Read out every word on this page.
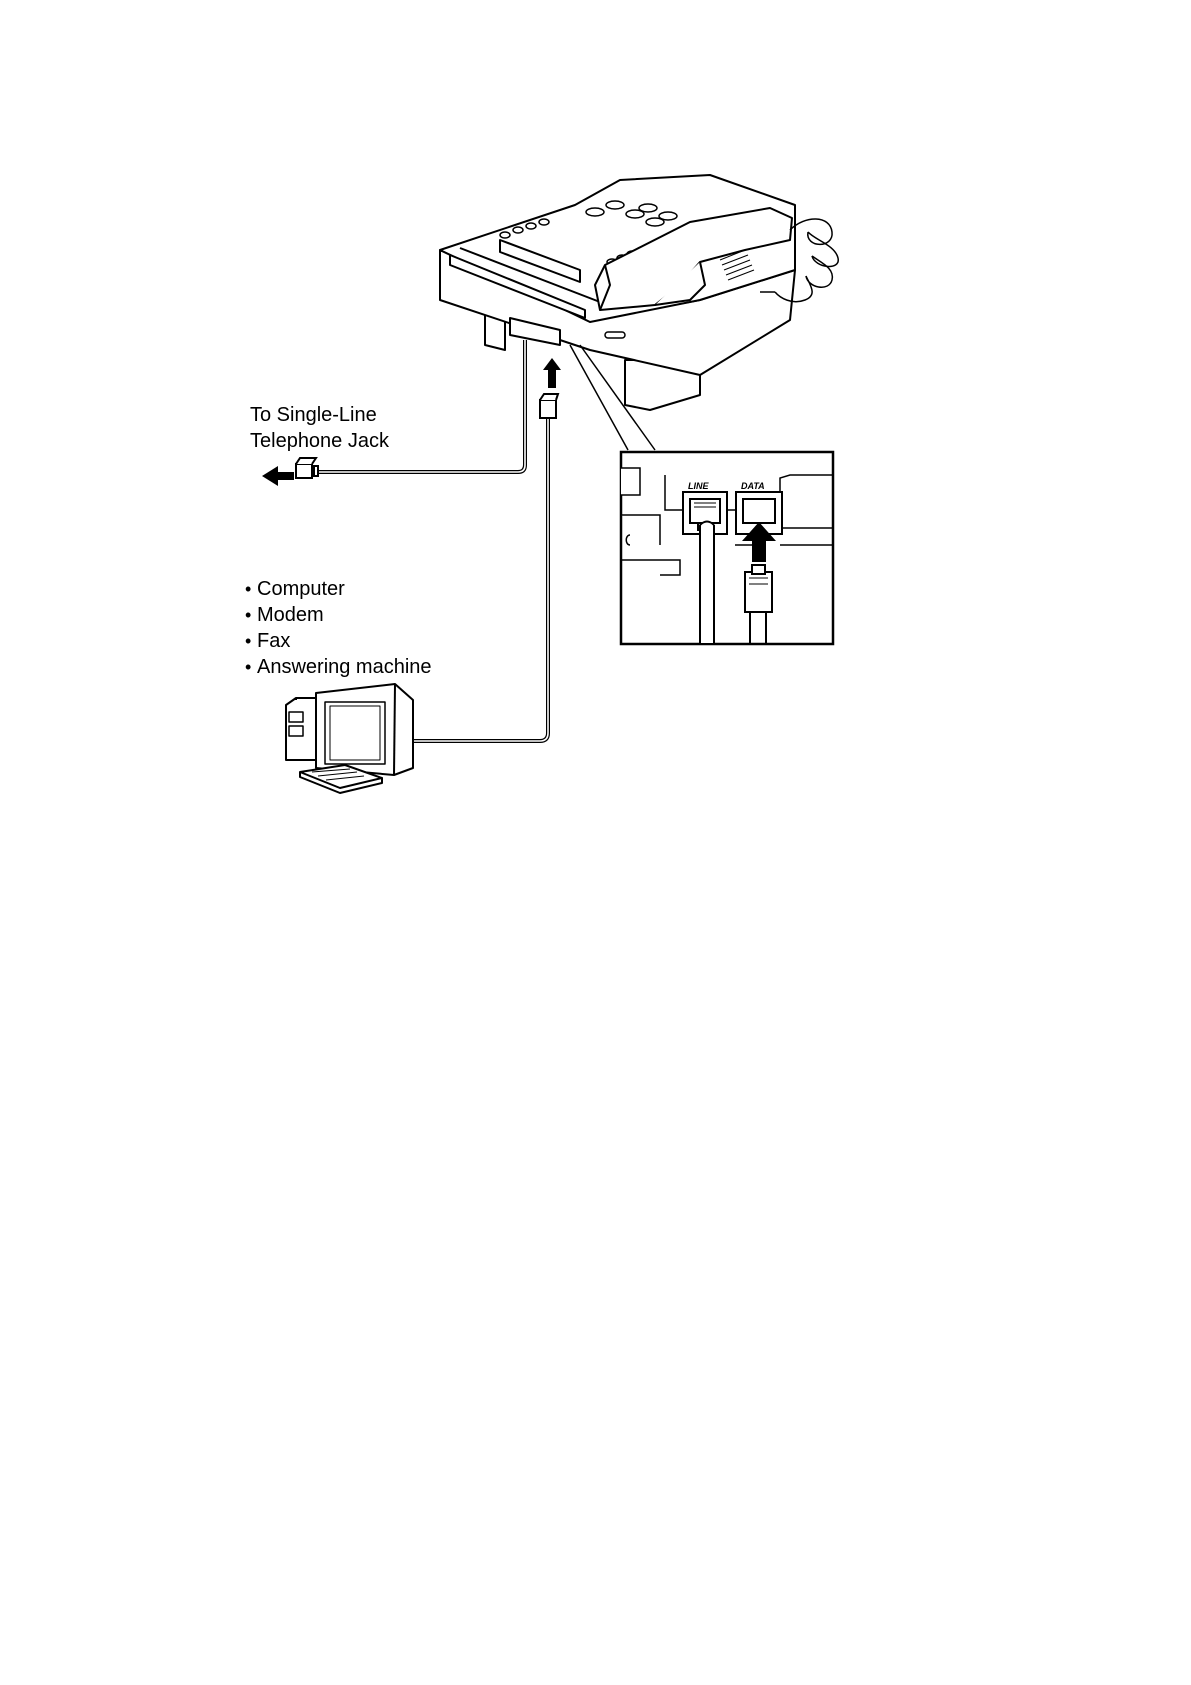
LINE	DATA
To Single-Line
Telephone Jack
• Computer
• Modem
• Fax
• Answering machine
